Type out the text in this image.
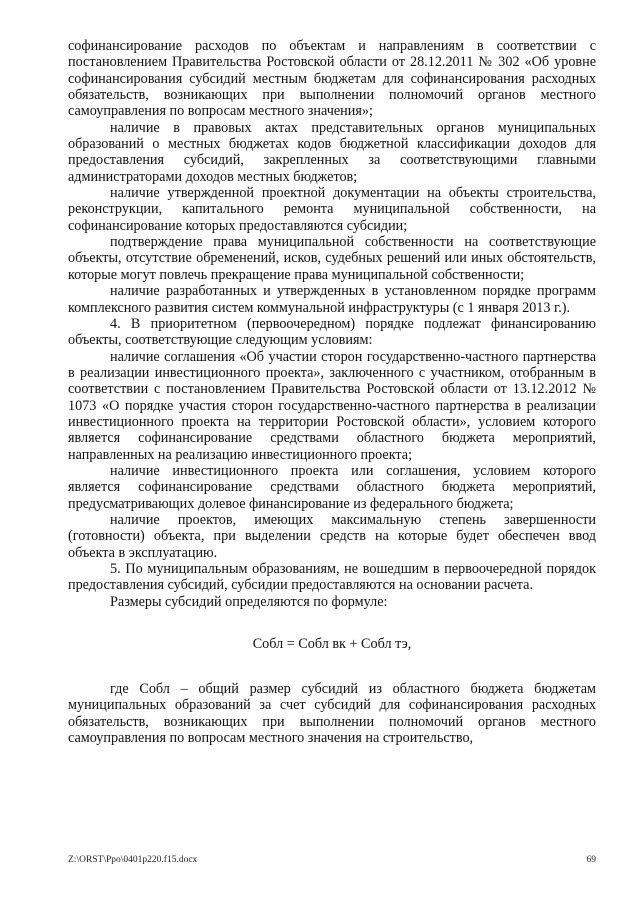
софинансирование расходов по объектам и направлениям в соответствии с постановлением Правительства Ростовской области от 28.12.2011 № 302 «Об уровне софинансирования субсидий местным бюджетам для софинансирования расходных обязательств, возникающих при выполнении полномочий органов местного самоуправления по вопросам местного значения»;

наличие в правовых актах представительных органов муниципальных образований о местных бюджетах кодов бюджетной классификации доходов для предоставления субсидий, закрепленных за соответствующими главными администраторами доходов местных бюджетов;

наличие утвержденной проектной документации на объекты строительства, реконструкции, капитального ремонта муниципальной собственности, на софинансирование которых предоставляются субсидии;

подтверждение права муниципальной собственности на соответствующие объекты, отсутствие обременений, исков, судебных решений или иных обстоятельств, которые могут повлечь прекращение права муниципальной собственности;

наличие разработанных и утвержденных в установленном порядке программ комплексного развития систем коммунальной инфраструктуры (с 1 января 2013 г.).

4. В приоритетном (первоочередном) порядке подлежат финансированию объекты, соответствующие следующим условиям:

наличие соглашения «Об участии сторон государственно-частного партнерства в реализации инвестиционного проекта», заключенного с участником, отобранным в соответствии с постановлением Правительства Ростовской области от 13.12.2012 № 1073 «О порядке участия сторон государственно-частного партнерства в реализации инвестиционного проекта на территории Ростовской области», условием которого является софинансирование средствами областного бюджета мероприятий, направленных на реализацию инвестиционного проекта;

наличие инвестиционного проекта или соглашения, условием которого является софинансирование средствами областного бюджета мероприятий, предусматривающих долевое финансирование из федерального бюджета;

наличие проектов, имеющих максимальную степень завершенности (готовности) объекта, при выделении средств на которые будет обеспечен ввод объекта в эксплуатацию.

5. По муниципальным образованиям, не вошедшим в первоочередной порядок предоставления субсидий, субсидии предоставляются на основании расчета.

Размеры субсидий определяются по формуле:

Собл = Собл вк + Собл тэ,

где Собл – общий размер субсидий из областного бюджета бюджетам муниципальных образований за счет субсидий для софинансирования расходных обязательств, возникающих при выполнении полномочий органов местного самоуправления по вопросам местного значения на строительство,

Z:\ORST\Ppo\0401p220.f15.docx	69
